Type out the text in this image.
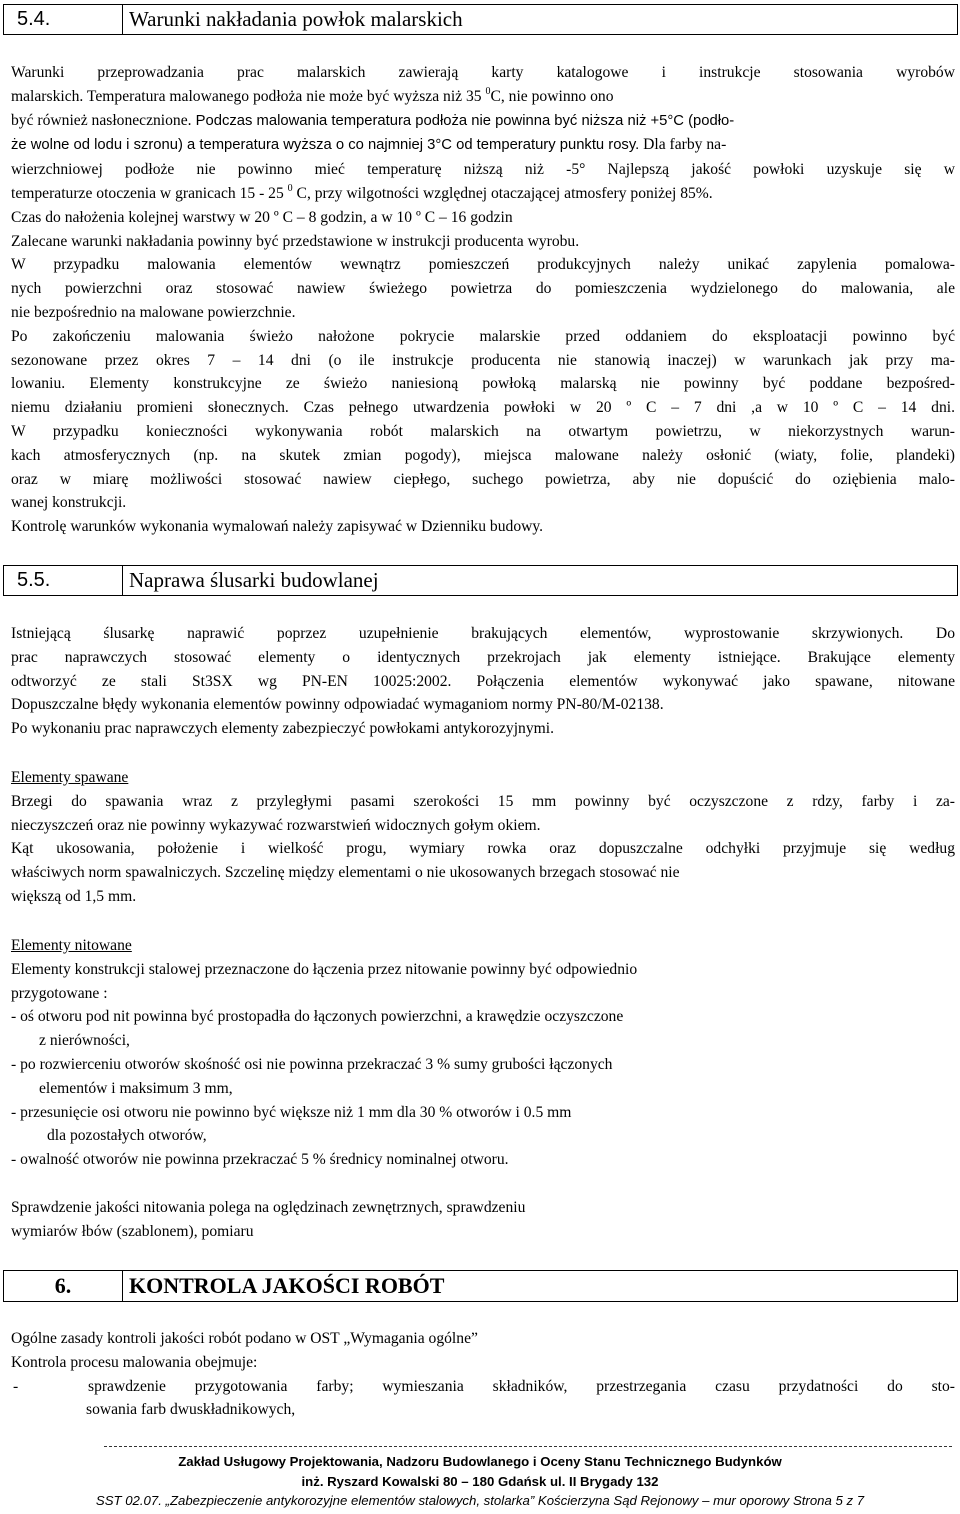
5.4.	Warunki nakładania powłok malarskich
Warunki przeprowadzania prac malarskich zawierają karty katalogowe i instrukcje stosowania wyrobów
malarskich. Temperatura malowanego podłoża nie może być wyższa niż 35 $^0$C, nie powinno ono
być również nasłonecznione. Podczas malowania temperatura podłoża nie powinna być niższa niż +5°C (podło-
że wolne od lodu i szronu) a temperatura wyższa o co najmniej 3°C od temperatury punktu rosy. Dla farby na-
wierzchniowej podłoże nie powinno mieć temperaturę niższą niż -5° Najlepszą jakość powłoki uzyskuje się w
temperaturze otoczenia w granicach 15 - 25 $^0$ C, przy wilgotności względnej otaczającej atmosfery poniżej 85%.
Czas do nałożenia kolejnej warstwy w 20 º C – 8 godzin, a w 10 º C – 16 godzin
Zalecane warunki nakładania powinny być przedstawione w instrukcji producenta wyrobu.
W przypadku malowania elementów wewnątrz pomieszczeń produkcyjnych należy unikać zapylenia pomalowa-
nych powierzchni oraz stosować nawiew świeżego powietrza do pomieszczenia wydzielonego do malowania, ale
nie bezpośrednio na malowane powierzchnie.
Po zakończeniu malowania świeżo nałożone pokrycie malarskie przed oddaniem do eksploatacji powinno być
sezonowane przez okres 7 – 14 dni (o ile instrukcje producenta nie stanowią inaczej) w warunkach jak przy ma-
lowaniu. Elementy konstrukcyjne ze świeżo naniesioną powłoką malarską nie powinny być poddane bezpośred-
niemu działaniu promieni słonecznych. Czas pełnego utwardzenia powłoki w 20 º C – 7 dni ,a w 10 º C – 14 dni.
W przypadku konieczności wykonywania robót malarskich na otwartym powietrzu, w niekorzystnych warun-
kach atmosferycznych (np. na skutek zmian pogody), miejsca malowane należy osłonić (wiaty, folie, plandeki)
oraz w miarę możliwości stosować nawiew ciepłego, suchego powietrza, aby nie dopuścić do oziębienia malo-
wanej konstrukcji.
Kontrolę warunków wykonania wymalowań należy zapisywać w Dzienniku budowy.
5.5.	Naprawa ślusarki budowlanej
Istniejącą ślusarkę naprawić poprzez uzupełnienie brakujących elementów, wyprostowanie skrzywionych. Do
prac naprawczych stosować elementy o identycznych przekrojach jak elementy istniejące. Brakujące elementy
odtworzyć ze stali St3SX wg PN-EN 10025:2002. Połączenia elementów wykonywać jako spawane, nitowane
Dopuszczalne błędy wykonania elementów powinny odpowiadać wymaganiom normy PN-80/M-02138.
Po wykonaniu prac naprawczych elementy zabezpieczyć powłokami antykorozyjnymi.
Elementy spawane
Brzegi do spawania wraz z przyległymi pasami szerokości 15 mm powinny być oczyszczone z rdzy, farby i za-
nieczyszczeń oraz nie powinny wykazywać rozwarstwień widocznych gołym okiem.
Kąt ukosowania, położenie i wielkość progu, wymiary rowka oraz dopuszczalne odchyłki przyjmuje się według
właściwych norm spawalniczych. Szczelinę między elementami o nie ukosowanych brzegach stosować nie
większą od 1,5 mm.
Elementy nitowane
Elementy konstrukcji stalowej przeznaczone do łączenia przez nitowanie powinny być odpowiednio
przygotowane :
- oś otworu pod nit powinna być prostopadła do łączonych powierzchni, a krawędzie oczyszczone
z nierówności,
- po rozwierceniu otworów skośność osi nie powinna przekraczać 3 % sumy grubości łączonych
elementów i maksimum 3 mm,
- przesunięcie osi otworu nie powinno być większe niż 1 mm dla 30 % otworów i 0.5 mm
dla pozostałych otworów,
- owalność otworów nie powinna przekraczać 5 % średnicy nominalnej otworu.

Sprawdzenie jakości nitowania polega na oględzinach zewnętrznych, sprawdzeniu
wymiarów łbów (szablonem), pomiaru
6.	KONTROLA JAKOŚCI ROBÓT
Ogólne zasady kontroli jakości robót podano w OST „Wymagania ogólne”
Kontrola procesu malowania obejmuje:
-	sprawdzenie przygotowania farby; wymieszania składników, przestrzegania czasu przydatności do sto-
sowania farb dwuskładnikowych,
Zakład Usługowy Projektowania, Nadzoru Budowlanego i Oceny Stanu Technicznego Budynków
inż. Ryszard Kowalski 80 – 180 Gdańsk ul. II Brygady 132
SST 02.07. „Zabezpieczenie antykorozyjne elementów stalowych, stolarka” Kościerzyna Sąd Rejonowy – mur oporowy Strona 5 z 7
